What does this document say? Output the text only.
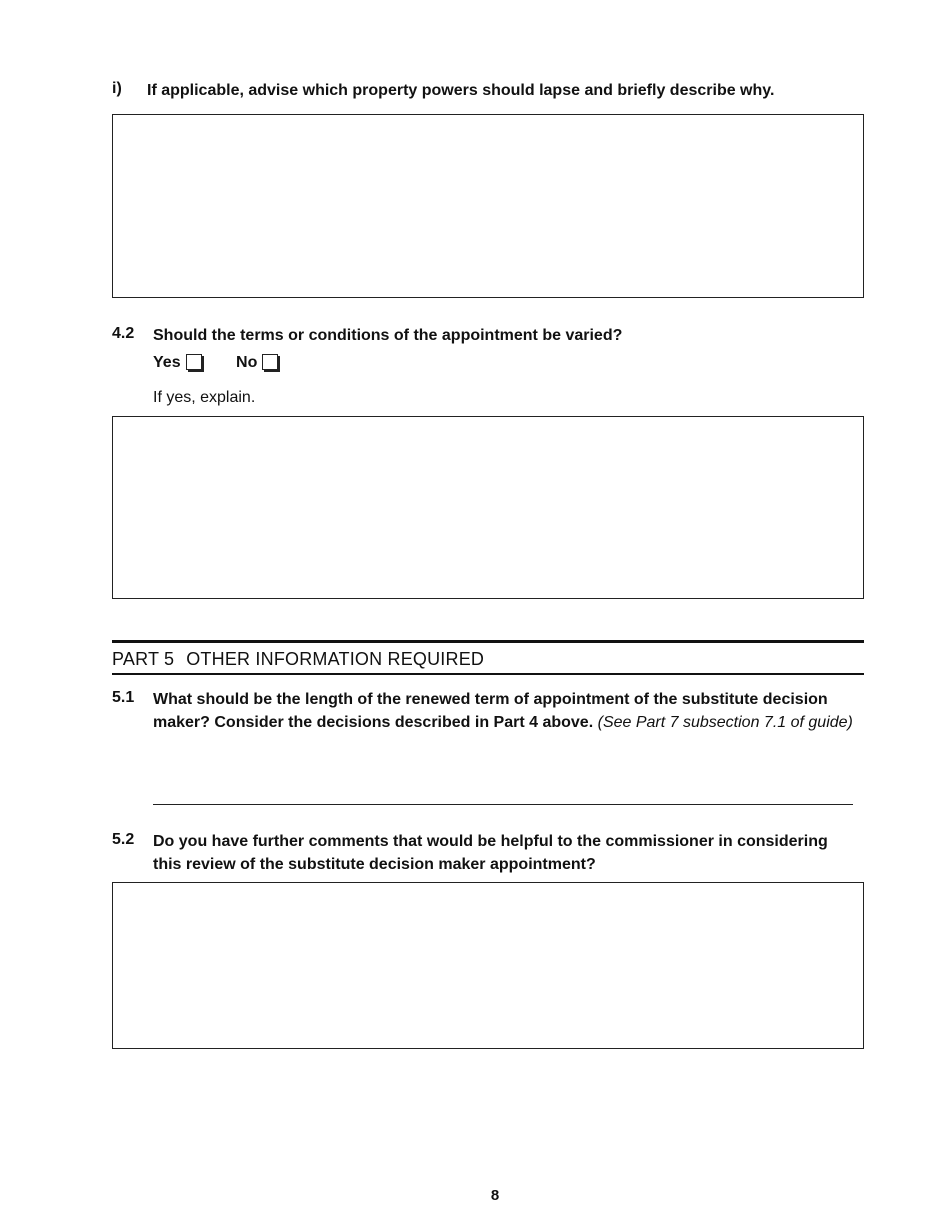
i) If applicable, advise which property powers should lapse and briefly describe why.
4.2 Should the terms or conditions of the appointment be varied?
Yes	No
If yes, explain.
PART 5 OTHER INFORMATION REQUIRED
5.1 What should be the length of the renewed term of appointment of the substitute decision
maker? Consider the decisions described in Part 4 above. (See Part 7 subsection 7.1 of guide)
5.2 Do you have further comments that would be helpful to the commissioner in considering
this review of the substitute decision maker appointment?
8
